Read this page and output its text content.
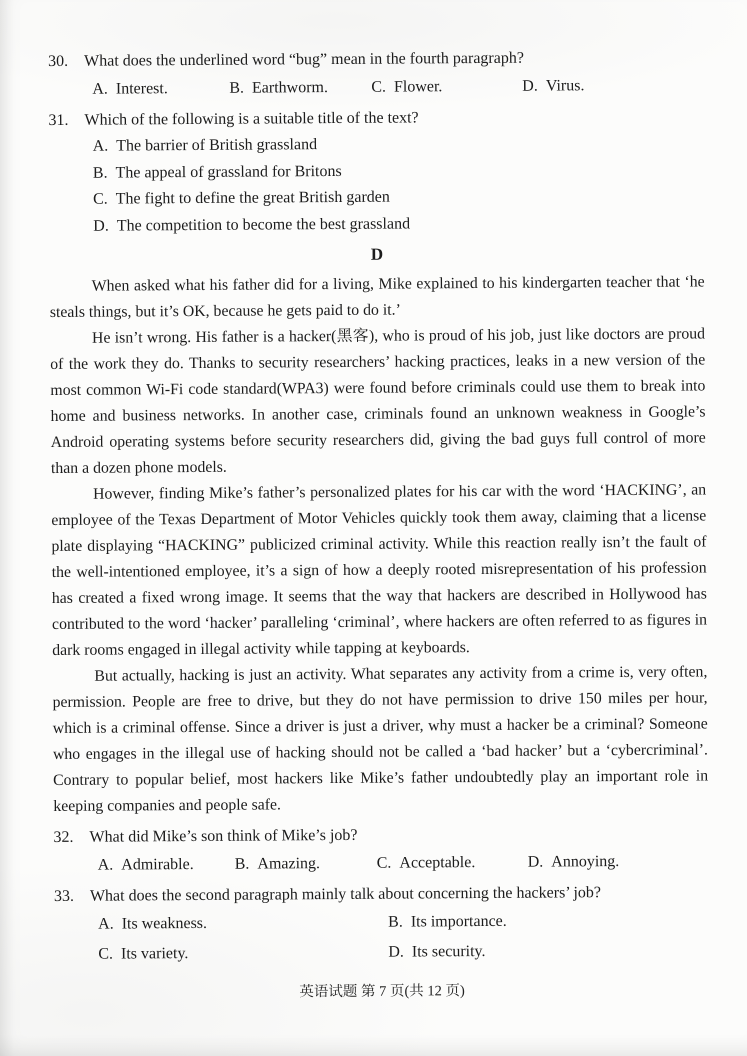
30. What does the underlined word “bug” mean in the fourth paragraph?
A. Interest.	B. Earthworm.	C. Flower.	D. Virus.
31. Which of the following is a suitable title of the text?
A. The barrier of British grassland
B. The appeal of grassland for Britons
C. The fight to define the great British garden
D. The competition to become the best grassland
D

When asked what his father did for a living, Mike explained to his kindergarten teacher that ‘he steals things, but it’s OK, because he gets paid to do it.’

He isn’t wrong. His father is a hacker(黑客), who is proud of his job, just like doctors are proud of the work they do. Thanks to security researchers’ hacking practices, leaks in a new version of the most common Wi-Fi code standard(WPA3) were found before criminals could use them to break into home and business networks. In another case, criminals found an unknown weakness in Google’s Android operating systems before security researchers did, giving the bad guys full control of more than a dozen phone models.

However, finding Mike’s father’s personalized plates for his car with the word ‘HACKING’, an employee of the Texas Department of Motor Vehicles quickly took them away, claiming that a license plate displaying “HACKING” publicized criminal activity. While this reaction really isn’t the fault of the well-intentioned employee, it’s a sign of how a deeply rooted misrepresentation of his profession has created a fixed wrong image. It seems that the way that hackers are described in Hollywood has contributed to the word ‘hacker’ paralleling ‘criminal’, where hackers are often referred to as figures in dark rooms engaged in illegal activity while tapping at keyboards.

But actually, hacking is just an activity. What separates any activity from a crime is, very often, permission. People are free to drive, but they do not have permission to drive 150 miles per hour, which is a criminal offense. Since a driver is just a driver, why must a hacker be a criminal? Someone who engages in the illegal use of hacking should not be called a ‘bad hacker’ but a ‘cybercriminal’. Contrary to popular belief, most hackers like Mike’s father undoubtedly play an important role in keeping companies and people safe.

32. What did Mike’s son think of Mike’s job?
A. Admirable.	B. Amazing.	C. Acceptable.	D. Annoying.
33. What does the second paragraph mainly talk about concerning the hackers’ job?
A. Its weakness.	B. Its importance.
C. Its variety.	D. Its security.
英语试题 第 7 页(共 12 页)
